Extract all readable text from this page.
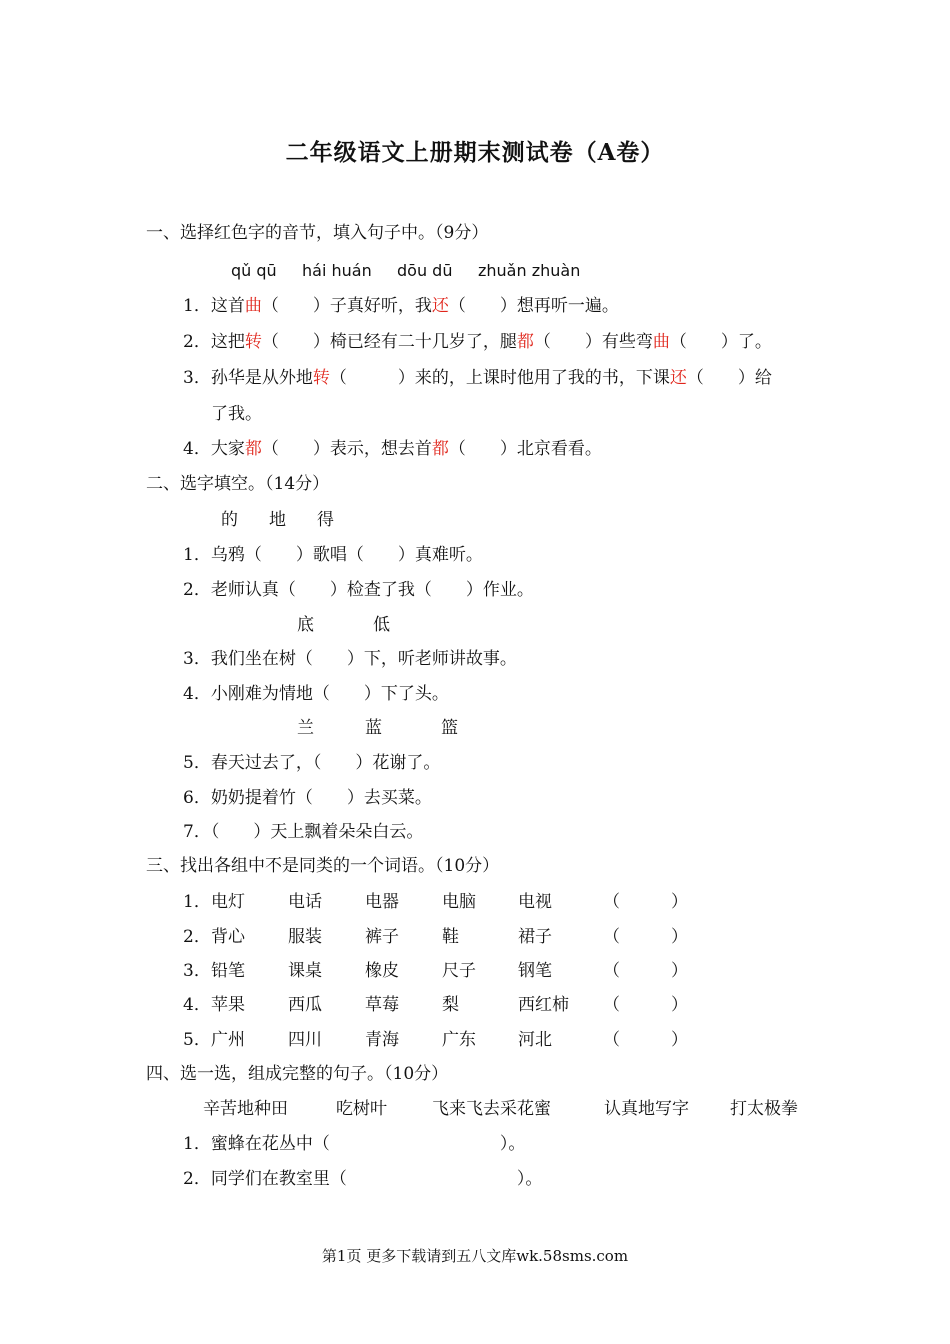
二年级语文上册期末测试卷（A卷）
一、选择红色字的音节，填入句子中。（9分）
qǔ qū hái huán dōu dū zhuǎn zhuàn
1．这首曲（　　）子真好听，我还（　　）想再听一遍。
2．这把转（　　）椅已经有二十几岁了，腿都（　　）有些弯曲（　　）了。
3．孙华是从外地转（　　　）来的，上课时他用了我的书，下课还（　　）给
了我。
4．大家都（　　）表示，想去首都（　　）北京看看。
二、选字填空。（14分）
的 地 得
1．乌鸦（　　）歌唱（　　）真难听。
2．老师认真（　　）检查了我（　　）作业。
底	低
3．我们坐在树（　　）下，听老师讲故事。
4．小刚难为情地（　　）下了头。
兰	蓝	篮
5．春天过去了，（　　）花谢了。
6．奶奶提着竹（　　）去买菜。
7．（　　）天上飘着朵朵白云。
三、找出各组中不是同类的一个词语。（10分）
1． 电灯	电话	电器	电脑 电视	（　　　）
2． 背心	服装	裤子	鞋	裙子	（　　　）
3． 铅笔	课桌	橡皮	尺子 钢笔	（　　　）
4． 苹果	西瓜	草莓	梨	西红柿 （　　　）
5． 广州	四川	青海	广东 河北	（　　　）
四、选一选，组成完整的句子。（10分）
辛苦地种田	吃树叶	飞来飞去采花蜜	认真地写字 打太极拳
1．蜜蜂在花丛中（　　　　　　　　　　）。
2．同学们在教室里（　　　　　　　　　　）。
第1页 更多下载请到五八文库wk.58sms.com
